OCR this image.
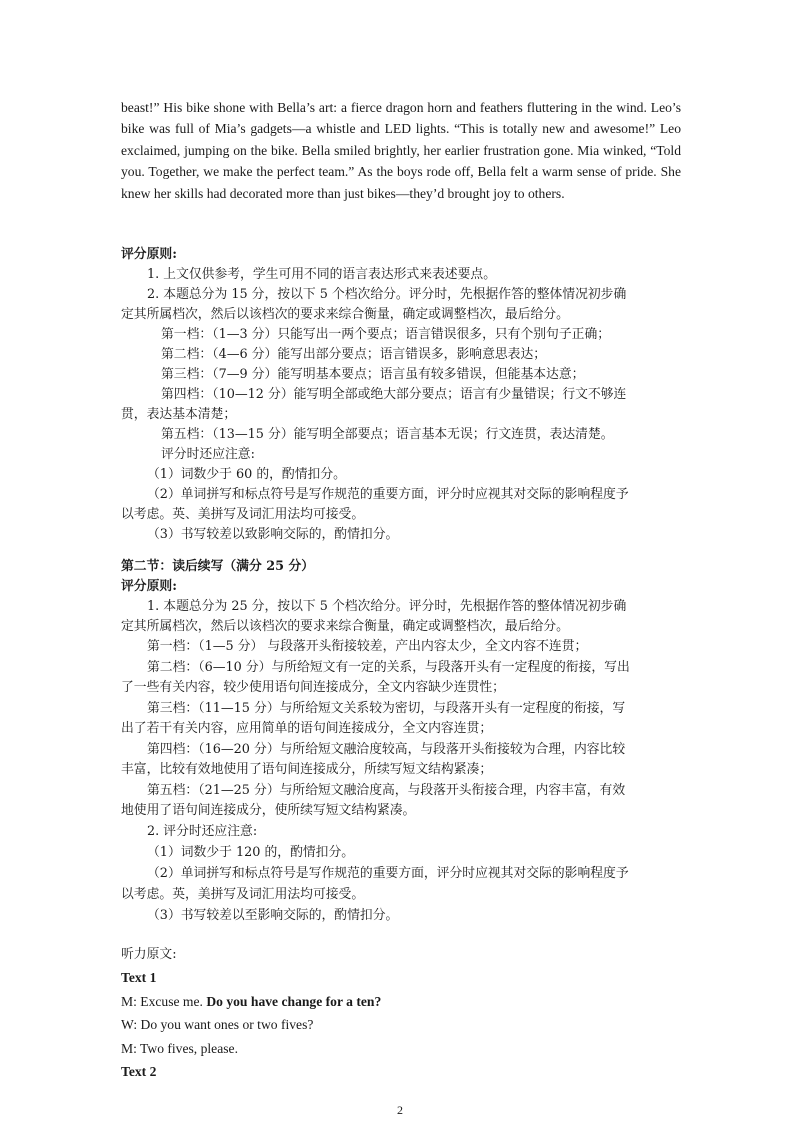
beast!” His bike shone with Bella’s art: a fierce dragon horn and feathers fluttering in the wind. Leo’s bike was full of Mia’s gadgets—a whistle and LED lights. “This is totally new and awesome!” Leo exclaimed, jumping on the bike. Bella smiled brightly, her earlier frustration gone. Mia winked, “Told you. Together, we make the perfect team.” As the boys rode off, Bella felt a warm sense of pride. She knew her skills had decorated more than just bikes—they’d brought joy to others.
评分原则:
1. 上文仅供参考，学生可用不同的语言表达形式来表述要点。
2. 本题总分为 15 分，按以下 5 个档次给分。评分时，先根据作答的整体情况初步确
定其所属档次，然后以该档次的要求来综合衡量，确定或调整档次，最后给分。
第一档：（1—3 分）只能写出一两个要点；语言错误很多，只有个别句子正确；
第二档：（4—6 分）能写出部分要点；语言错误多，影响意思表达；
第三档：（7—9 分）能写明基本要点；语言虽有较多错误，但能基本达意；
第四档：（10—12 分）能写明全部或绝大部分要点；语言有少量错误；行文不够连
贯，表达基本清楚；
第五档：（13—15 分）能写明全部要点；语言基本无误；行文连贯，表达清楚。
评分时还应注意:
（1）词数少于 60 的，酌情扣分。
（2）单词拼写和标点符号是写作规范的重要方面，评分时应视其对交际的影响程度予
以考虑。英、美拼写及词汇用法均可接受。
（3）书写较差以致影响交际的，酌情扣分。
第二节：读后续写（满分 25 分）
评分原则:
1. 本题总分为 25 分，按以下 5 个档次给分。评分时，先根据作答的整体情况初步确
定其所属档次，然后以该档次的要求来综合衡量，确定或调整档次，最后给分。
第一档：（1—5 分） 与段落开头衔接较差，产出内容太少，全文内容不连贯；
第二档：（6—10 分）与所给短文有一定的关系，与段落开头有一定程度的衔接，写出
了一些有关内容，较少使用语句间连接成分，全文内容缺少连贯性；
第三档：（11—15 分）与所给短文关系较为密切，与段落开头有一定程度的衔接，写
出了若干有关内容，应用简单的语句间连接成分，全文内容连贯；
第四档：（16—20 分）与所给短文融洽度较高，与段落开头衔接较为合理，内容比较
丰富，比较有效地使用了语句间连接成分，所续写短文结构紧凑；
第五档：（21—25 分）与所给短文融洽度高，与段落开头衔接合理，内容丰富，有效
地使用了语句间连接成分，使所续写短文结构紧凑。
2. 评分时还应注意:
（1）词数少于 120 的，酌情扣分。
（2）单词拼写和标点符号是写作规范的重要方面，评分时应视其对交际的影响程度予
以考虑。英，美拼写及词汇用法均可接受。
（3）书写较差以至影响交际的，酌情扣分。
听力原文:
Text 1
M: Excuse me. Do you have change for a ten?
W: Do you want ones or two fives?
M: Two fives, please.
Text 2
2
